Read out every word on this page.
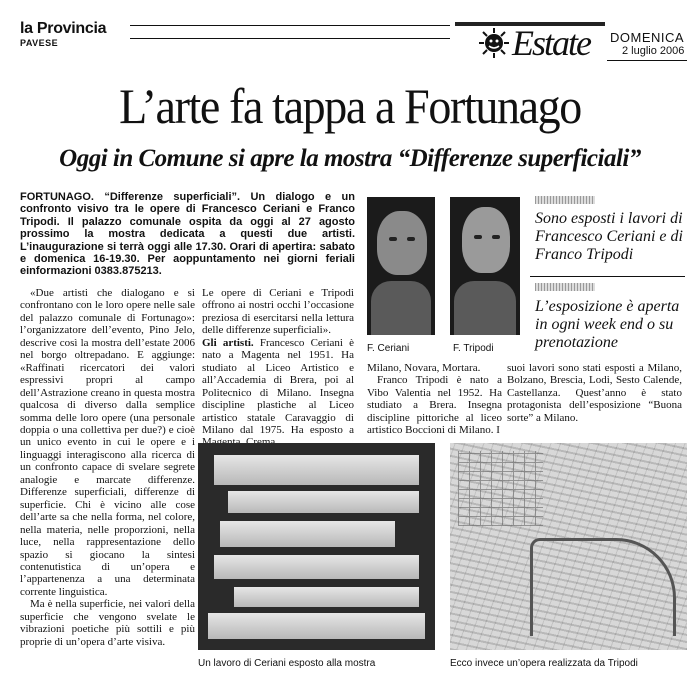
la Provincia
PAVESE	Estate DOMENICA
2 luglio 2006
L’arte fa tappa a Fortunago
Oggi in Comune si apre la mostra “Differenze superficiali”
FORTUNAGO. “Differenze superficiali”. Un dialogo e un confronto visivo tra le opere di Francesco Ceriani e Franco Tripodi. Il palazzo comunale ospita da oggi al 27 agosto prossimo la mostra dedicata a questi due artisti. L’inaugurazione si terrà oggi alle 17.30. Orari di apertira: sabato e domenica 16-19.30. Per aoppuntamento nei giorni feriali einformazioni 0383.875213.

«Due artisti che dialogano e si confrontano con le loro opere nelle sale del palazzo comunale di Fortunago»: l’organizzatore dell’evento, Pino Jelo, descrive così la mostra dell’estate 2006 nel borgo oltrepadano. E aggiunge: «Raffinati ricercatori dei valori espressivi propri al campo dell’Astrazione creano in questa mostra qualcosa di diverso dalla semplice somma delle loro opere (una personale doppia o una collettiva per due?) e cioè un unico evento in cui le opere e i linguaggi interagiscono alla ricerca di un confronto capace di svelare segrete analogie e marcate differenze. Differenze superficiali, differenze di superficie. Chi è vicino alle cose dell’arte sa che nella forma, nel colore, nella materia, nelle proporzioni, nella luce, nella rappresentazione dello spazio si giocano la sintesi contenutistica di un’opera e l’appartenenza a una determinata corrente linguistica.

Ma è nella superficie, nei valori della superficie che vengono svelate le vibrazioni poetiche più sottili e più proprie di un’opera d’arte visiva.

Le opere di Ceriani e Tripodi offrono ai nostri occhi l’occasione preziosa di esercitarsi nella lettura delle differenze superficiali».

Gli artisti. Francesco Ceriani è nato a Magenta nel 1951. Ha studiato al Liceo Artistico e all’Accademia di Brera, poi al Politecnico di Milano. Insegna discipline plastiche al Liceo artistico statale Caravaggio di Milano dal 1975. Ha esposto a

Milano, Novara, Mortara.

Franco Tripodi è nato a Vibo Valentia nel 1952. Ha studiato a Brera. Insegna discipline pittoriche al liceo artistico Boccioni di Milano. I

suoi lavori sono stati esposti a Milano, Bolzano, Brescia, Lodi, Sesto Calende, Castellanza. Quest’anno è stato protagonista dell’esposizione “Buona sorte” a Milano.

F. Ceriani	F. Tripodi
Sono esposti i lavori di Francesco Ceriani e di Franco Tripodi
L’esposizione è aperta in ogni week end o su prenotazione
Un lavoro di Ceriani esposto alla mostra	Ecco invece un’opera realizzata da Tripodi
